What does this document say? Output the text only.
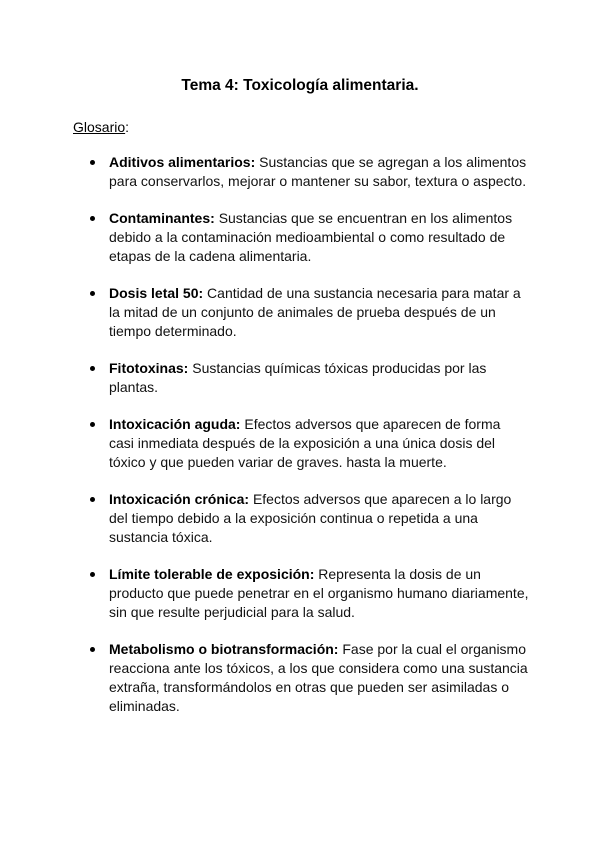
Tema 4: Toxicología alimentaria.
Glosario:
Aditivos alimentarios: Sustancias que se agregan a los alimentos para conservarlos, mejorar o mantener su sabor, textura o aspecto.
Contaminantes: Sustancias que se encuentran en los alimentos debido a la contaminación medioambiental o como resultado de etapas de la cadena alimentaria.
Dosis letal 50: Cantidad de una sustancia necesaria para matar a la mitad de un conjunto de animales de prueba después de un tiempo determinado.
Fitotoxinas: Sustancias químicas tóxicas producidas por las plantas.
Intoxicación aguda: Efectos adversos que aparecen de forma casi inmediata después de la exposición a una única dosis del tóxico y que pueden variar de graves. hasta la muerte.
Intoxicación crónica: Efectos adversos que aparecen a lo largo del tiempo debido a la exposición continua o repetida a una sustancia tóxica.
Límite tolerable de exposición: Representa la dosis de un producto que puede penetrar en el organismo humano diariamente, sin que resulte perjudicial para la salud.
Metabolismo o biotransformación: Fase por la cual el organismo reacciona ante los tóxicos, a los que considera como una sustancia extraña, transformándolos en otras que pueden ser asimiladas o eliminadas.
